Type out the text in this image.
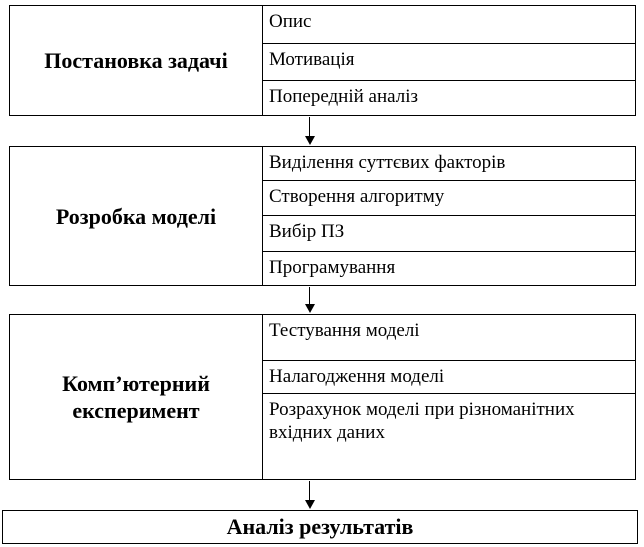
Постановка задачі
Опис
Мотивація
Попередній аналіз
Розробка моделі
Виділення суттєвих факторів
Створення алгоритму
Вибір ПЗ
Програмування
Комп’ютерний експеримент
Тестування моделі
Налагодження моделі
Розрахунок моделі при різноманітних вхідних даних
Аналіз результатів
